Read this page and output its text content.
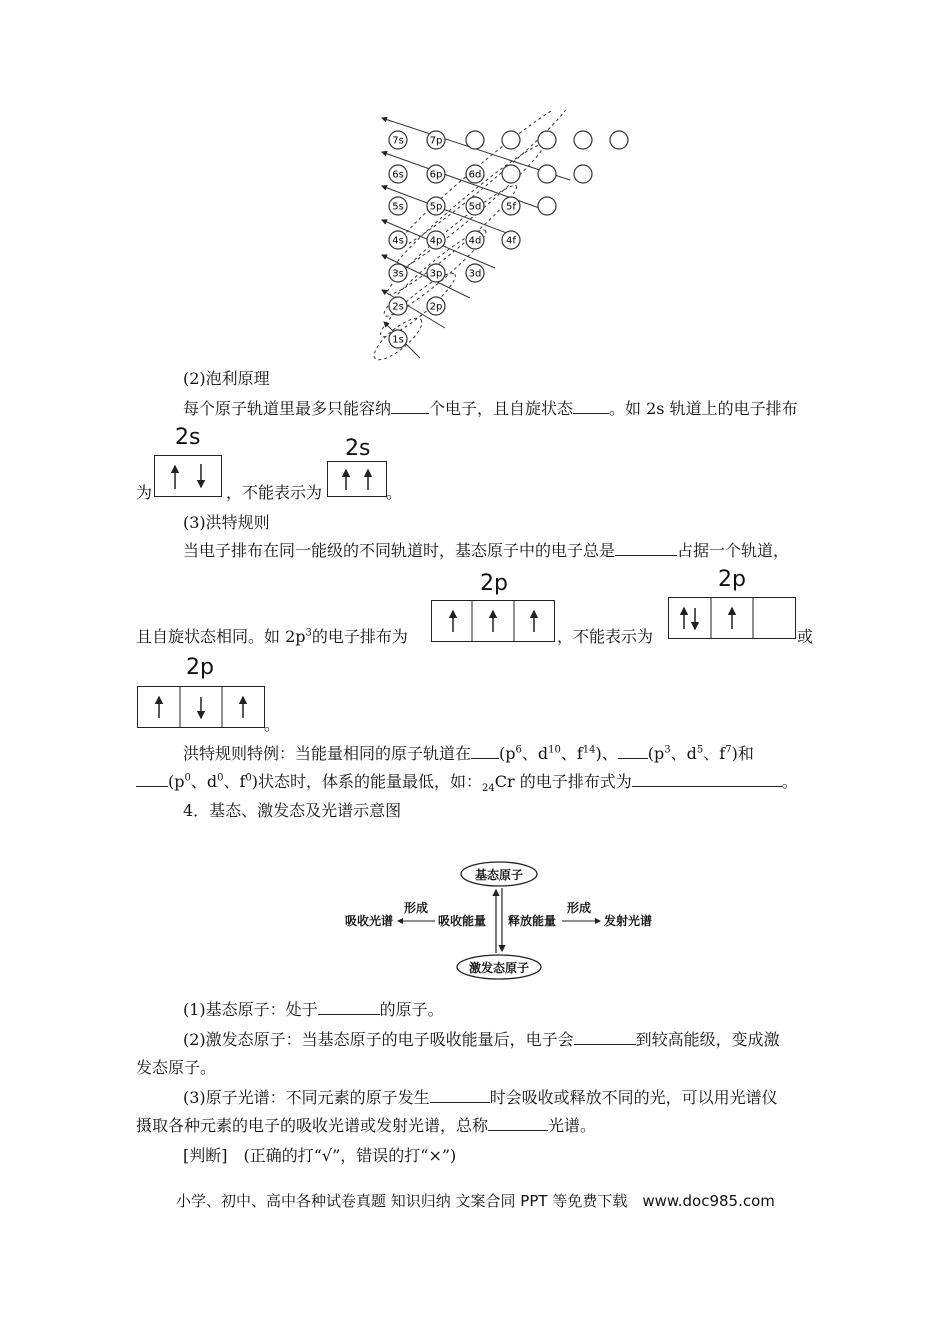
7s	7p
6s	6p	6d
5s	5p	5d 5f
4s	4p	4d 4f
3s	3p	3d
2s	2p
1s
(2)泡利原理
每个原子轨道里最多只能容纳 个电子，且自旋状态 。如 2s 轨道上的电子排布
2s	2s
为	，不能表示为	。
(3)洪特规则
当电子排布在同一能级的不同轨道时，基态原子中的电子总是	占据一个轨道，
2p	2p
且自旋状态相同。如 $2p^3$的电子排布为	，不能表示为	或
2p
。
洪特规则特例：当能量相同的原子轨道在 ($p^6$、$d^{10}$、$f^{14}$)、 ($p^3$、$d^5$、$f^7$)和
($p^0$、$d^0$、$f^0$)状态时，体系的能量最低，如：$_{24}$Cr 的电子排布式为	。
4．基态、激发态及光谱示意图
基态原子
激发态原子
吸收光谱	吸收能量 释放能量	发射光谱
形成	形成
(1)基态原子：处于	的原子。
(2)激发态原子：当基态原子的电子吸收能量后，电子会	到较高能级，变成激
发态原子。
(3)原子光谱：不同元素的原子发生	时会吸收或释放不同的光，可以用光谱仪
摄取各种元素的电子的吸收光谱或发射光谱，总称	光谱。
[判断]　(正确的打“√”，错误的打“×”)
小学、初中、高中各种试卷真题 知识归纳 文案合同 PPT 等免费下载　www.doc985.com
